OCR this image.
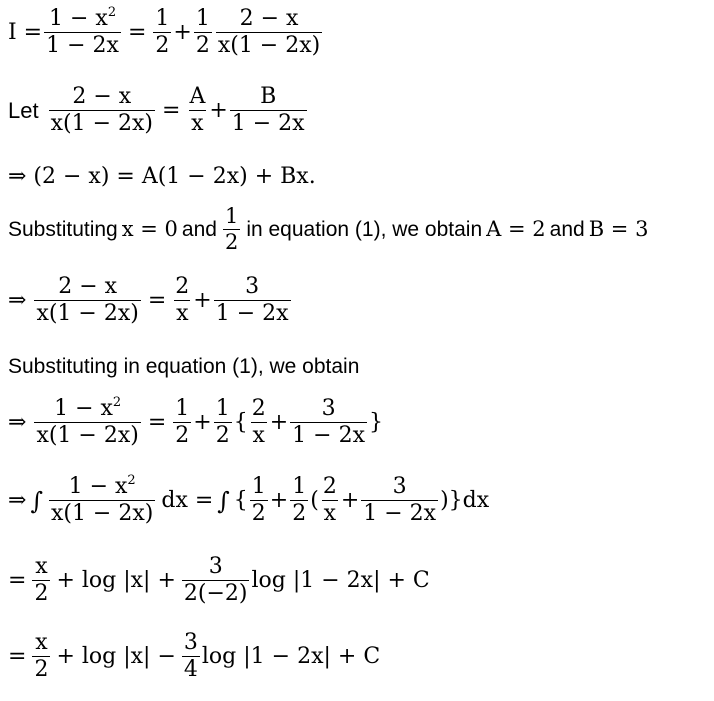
$I = \frac{1 - x^2}{1 - 2x} = \frac{1}{2} + \frac{1}{2} \frac{2 - x}{x(1 - 2x)}$
Let $\frac{2 - x}{x(1 - 2x)} = \frac{A}{x} + \frac{B}{1 - 2x}$
⇒ (2 − x) = A(1 − 2x) + Bx.
Substituting x = 0 and $\frac{1}{2}$ in equation (1), we obtain A = 2 and B = 3
⇒ $\frac{2 - x}{x(1 - 2x)} = \frac{2}{x} + \frac{3}{1 - 2x}$
Substituting in equation (1), we obtain
⇒ $\frac{1 - x^2}{x(1 - 2x)} = \frac{1}{2} + \frac{1}{2}$ { $\frac{2}{x} + \frac{3}{1 - 2x}$ }
⇒ ∫ $\frac{1 - x^2}{x(1 - 2x)}$ dx = ∫ { $\frac{1}{2} + \frac{1}{2}$ ( $\frac{2}{x} + \frac{3}{1 - 2x} )\}dx$
= $\frac{x}{2} + \log |x| + \frac{3}{2(-2)}$ log |1 − 2x| + C
= $\frac{x}{2} + \log |x| - \frac{3}{4}$ log |1 − 2x| + C
